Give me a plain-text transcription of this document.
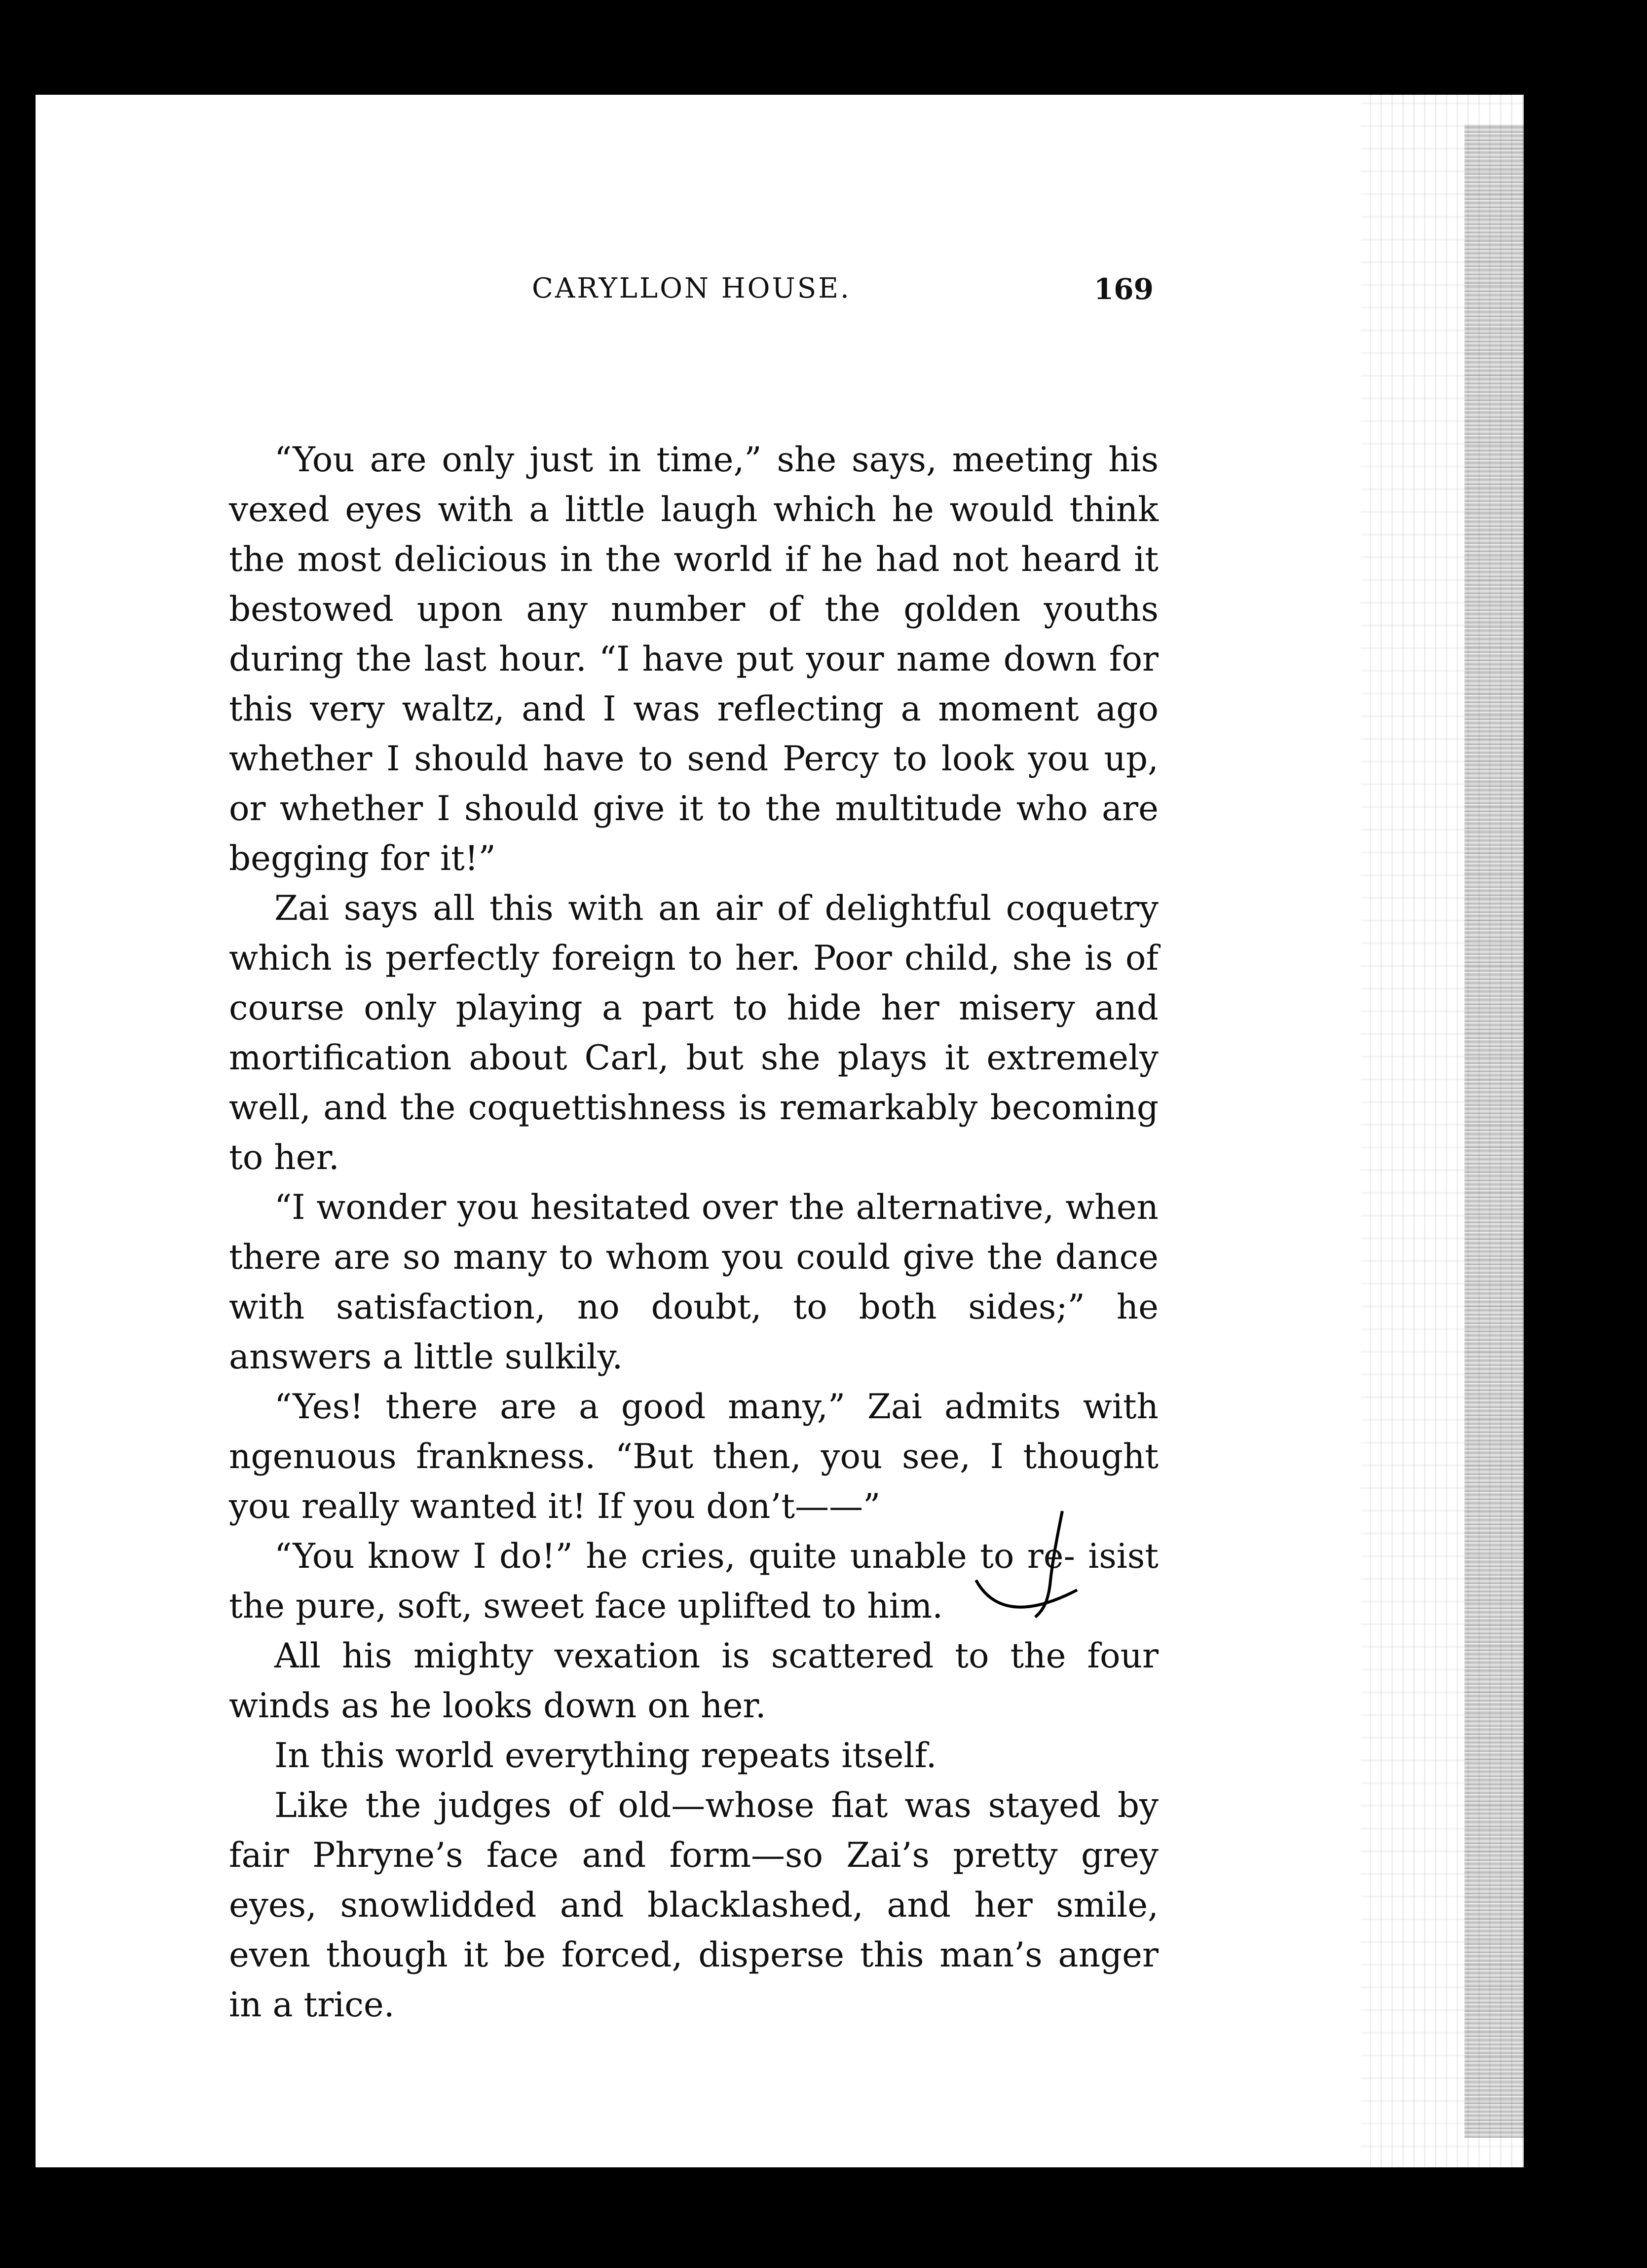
CARYLLON HOUSE.	169

“You are only just in time,” she says, meeting his vexed eyes with a little laugh which he would think the most delicious in the world if he had not heard it bestowed upon any number of the golden youths during the last hour. “I have put your name down for this very waltz, and I was reflecting a moment ago whether I should have to send Percy to look you up, or whether I should give it to the multitude who are begging for it!”

Zai says all this with an air of delightful coquetry which is perfectly foreign to her. Poor child, she is of course only playing a part to hide her misery and mortification about Carl, but she plays it extremely well, and the coquettishness is remarkably becoming to her.

“I wonder you hesitated over the alternative, when there are so many to whom you could give the dance with satisfaction, no doubt, to both sides;” he answers a little sulkily.

“Yes! there are a good many,” Zai admits with ngenuous frankness. “But then, you see, I thought you really wanted it! If you don’t——”

“You know I do!” he cries, quite unable to re- isist the pure, soft, sweet face uplifted to him.

All his mighty vexation is scattered to the four winds as he looks down on her.

In this world everything repeats itself.

Like the judges of old—whose fiat was stayed by fair Phryne’s face and form—so Zai’s pretty grey eyes, snowlidded and blacklashed, and her smile, even though it be forced, disperse this man’s anger in a trice.
